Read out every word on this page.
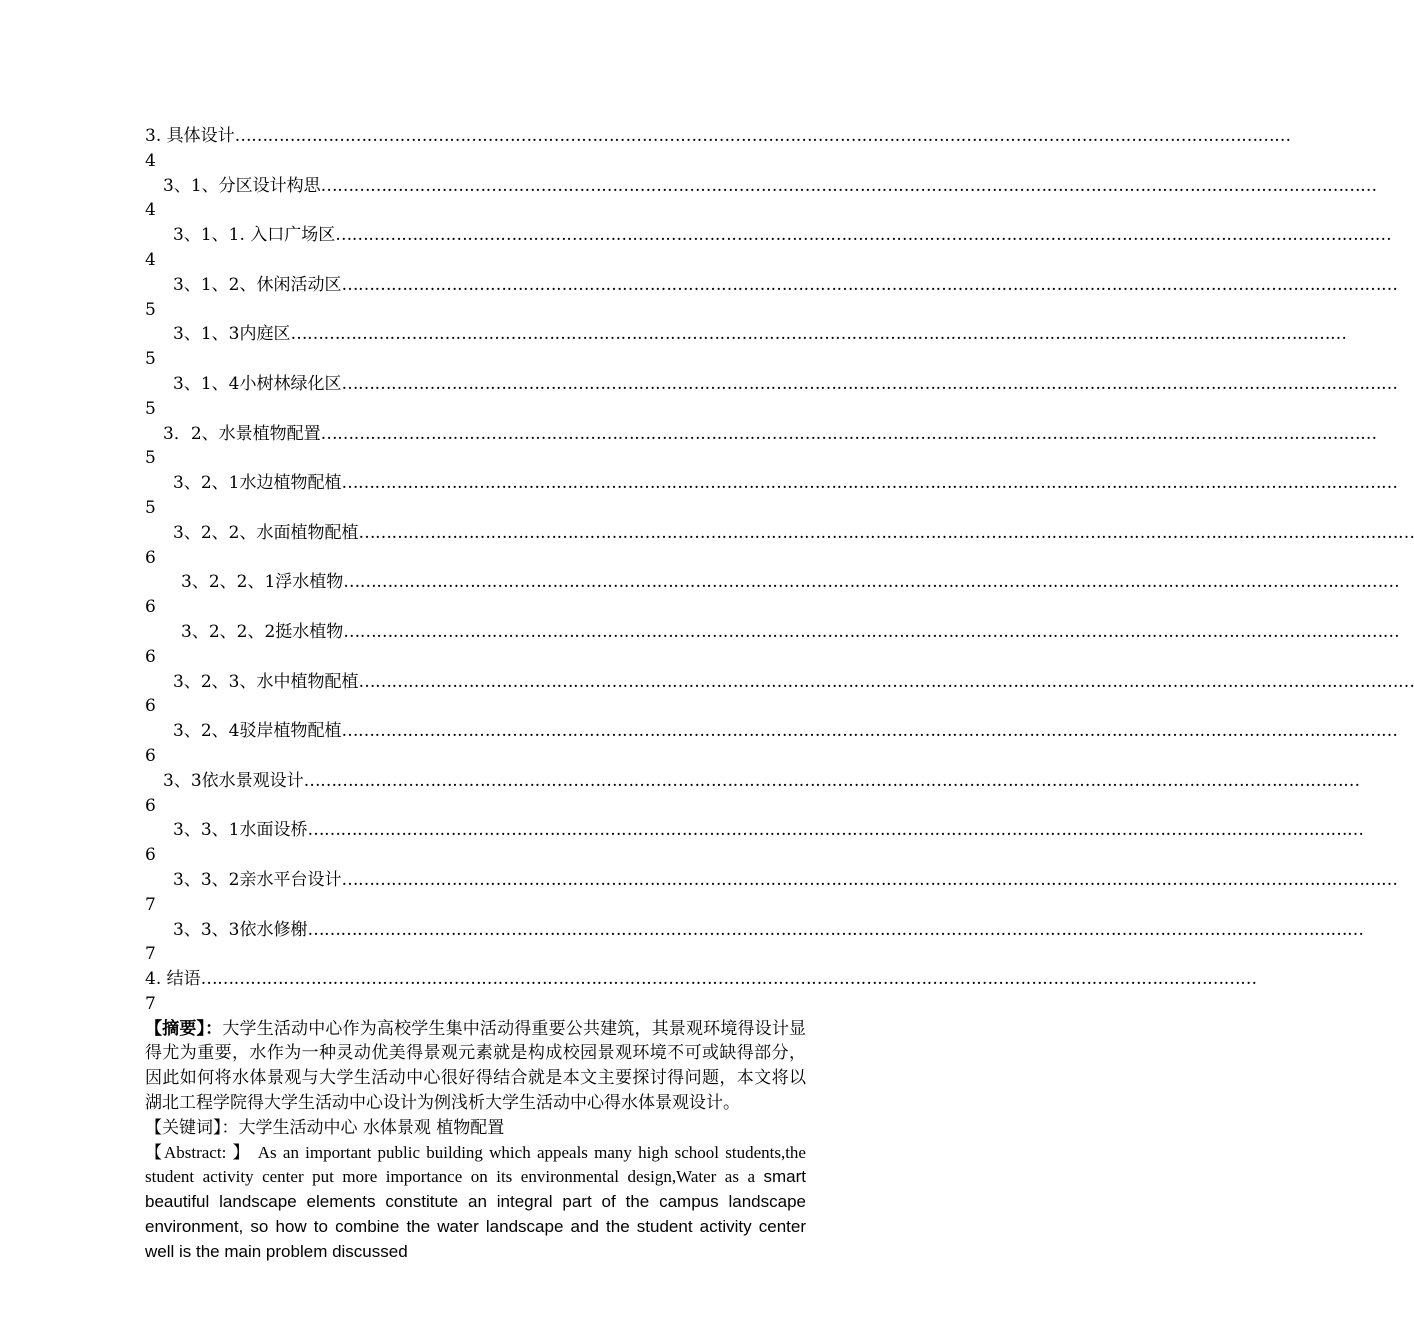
3. 具体设计…………………………………………………………………………………………………………………………………………………………………………4

3、1、分区设计构思…………………………………………………………………………………………………………………………………………………………………………4

3、1、1. 入口广场区…………………………………………………………………………………………………………………………………………………………………………4

3、1、2、休闲活动区…………………………………………………………………………………………………………………………………………………………………………5

3、1、3内庭区…………………………………………………………………………………………………………………………………………………………………………5

3、1、4小树林绿化区…………………………………………………………………………………………………………………………………………………………………………5

3．2、水景植物配置…………………………………………………………………………………………………………………………………………………………………………5

3、2、1水边植物配植…………………………………………………………………………………………………………………………………………………………………………5

3、2、2、水面植物配植…………………………………………………………………………………………………………………………………………………………………………6

3、2、2、1浮水植物…………………………………………………………………………………………………………………………………………………………………………6

3、2、2、2挺水植物…………………………………………………………………………………………………………………………………………………………………………6

3、2、3、水中植物配植…………………………………………………………………………………………………………………………………………………………………………6

3、2、4驳岸植物配植…………………………………………………………………………………………………………………………………………………………………………6

3、3依水景观设计…………………………………………………………………………………………………………………………………………………………………………6

3、3、1水面设桥…………………………………………………………………………………………………………………………………………………………………………6

3、3、2亲水平台设计…………………………………………………………………………………………………………………………………………………………………………7

3、3、3依水修榭…………………………………………………………………………………………………………………………………………………………………………7

4. 结语…………………………………………………………………………………………………………………………………………………………………………7

【摘要】：大学生活动中心作为高校学生集中活动得重要公共建筑，其景观环境得设计显得尤为重要，水作为一种灵动优美得景观元素就是构成校园景观环境不可或缺得部分，因此如何将水体景观与大学生活动中心很好得结合就是本文主要探讨得问题，本文将以湖北工程学院得大学生活动中心设计为例浅析大学生活动中心得水体景观设计。

【关键词】：大学生活动中心 水体景观 植物配置

【Abstract: 】 As an important public building which appeals many high school students,the student activity center put more importance on its environmental design,Water as a smart beautiful landscape elements constitute an integral part of the campus landscape environment, so how to combine the water landscape and the student activity center well is the main problem discussed
